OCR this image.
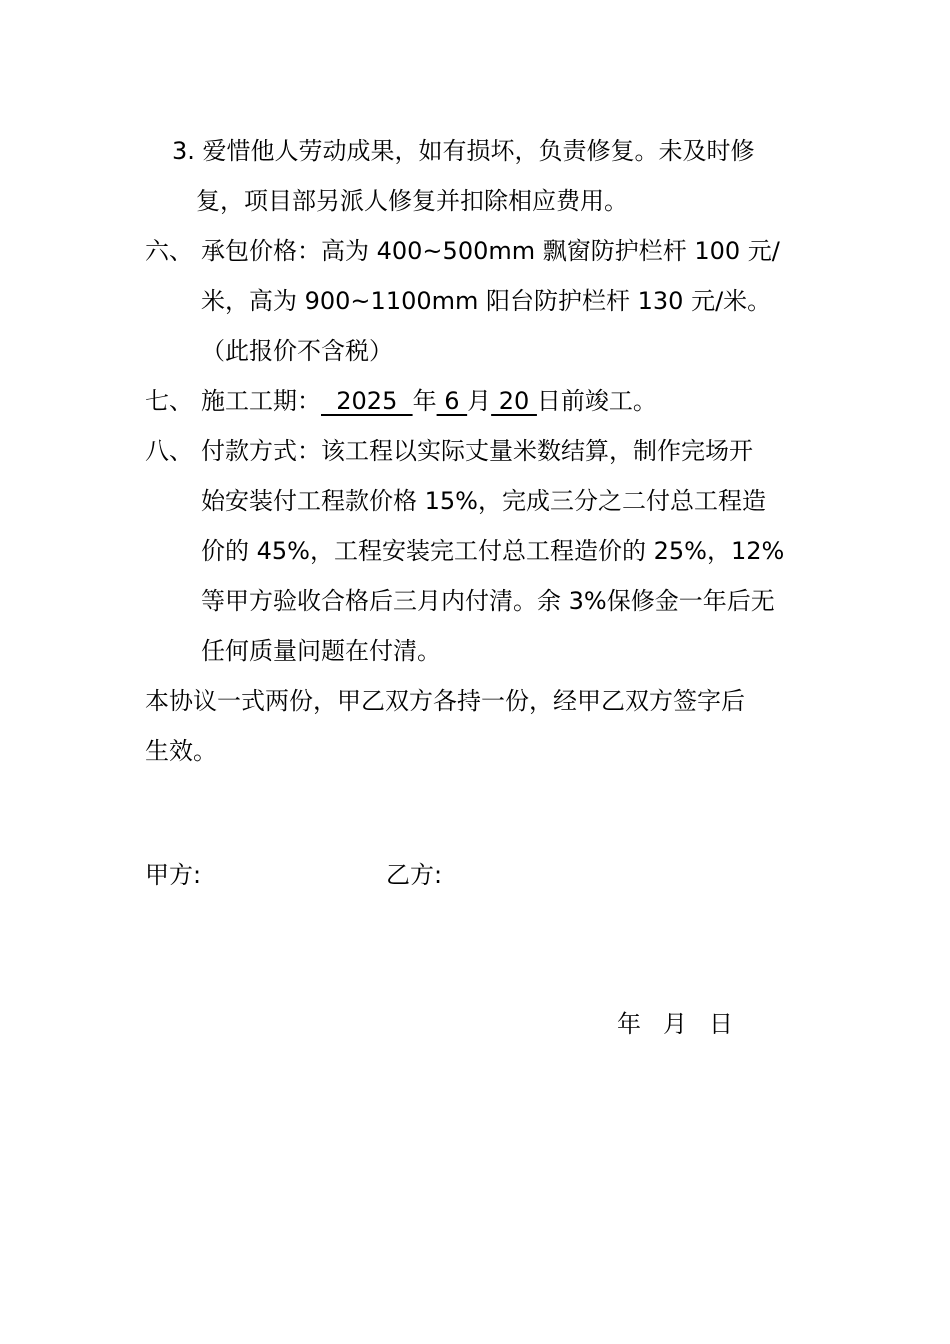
3. 爱惜他人劳动成果，如有损坏，负责修复。未及时修
复，项目部另派人修复并扣除相应费用。
六、 承包价格：高为 400~500mm 飘窗防护栏杆 100 元/
米，高为 900~1100mm 阳台防护栏杆 130 元/米。
（此报价不含税）
七、 施工工期：  2025  年 6 月 20 日前竣工。
八、 付款方式：该工程以实际丈量米数结算，制作完场开
始安装付工程款价格 15%，完成三分之二付总工程造
价的 45%，工程安装完工付总工程造价的 25%，12%
等甲方验收合格后三月内付清。余 3%保修金一年后无
任何质量问题在付清。
本协议一式两份，甲乙双方各持一份，经甲乙双方签字后
生效。
甲方:	乙方:
年 月 日
